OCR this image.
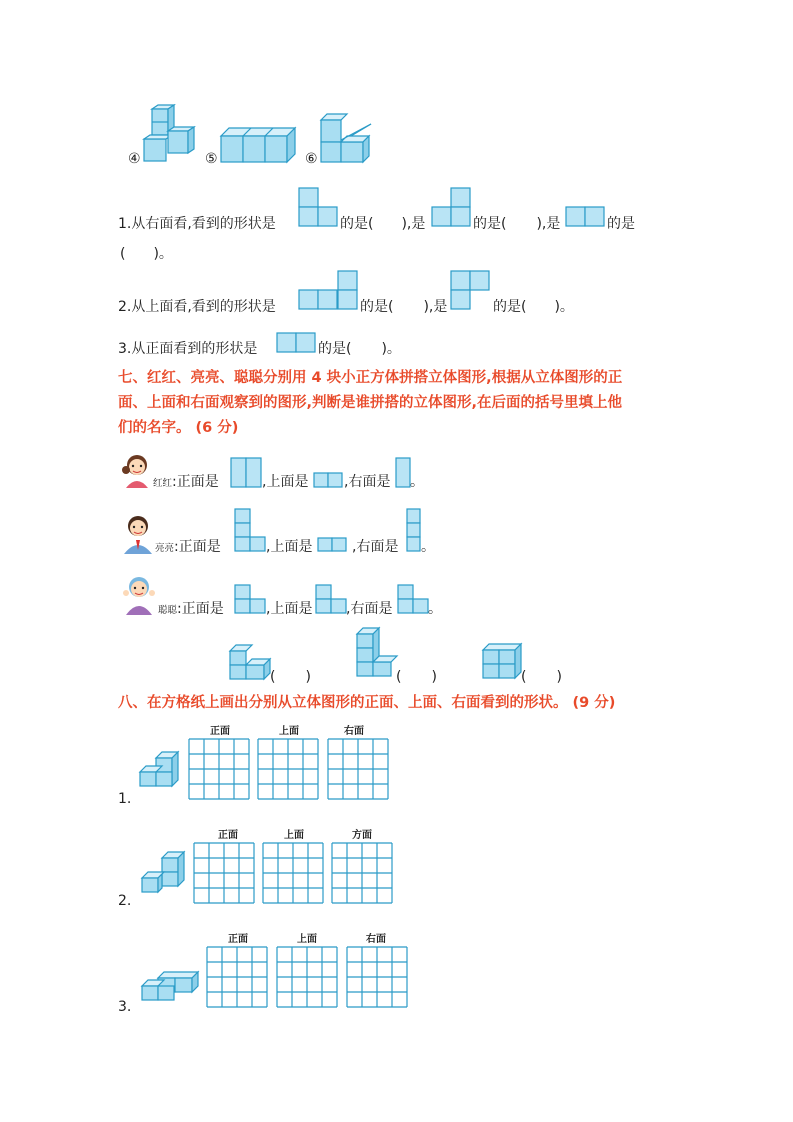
④	⑤	⑥
1.从右面看,看到的形状是	的是( ),是	的是( ),是	的是
( )。
2.从上面看,看到的形状是	的是( ),是	的是( )。
3.从正面看到的形状是	的是( )。
七、红红、亮亮、聪聪分别用 4 块小正方体拼搭立体图形,根据从立体图形的正
面、上面和右面观察到的图形,判断是谁拼搭的立体图形,在后面的括号里填上他
们的名字。 (6 分)
红红:正面是	,上面是	,右面是 。
亮亮:正面是	,上面是	,右面是 。
聪聪:正面是	,上面是 ,右面是	。
( )	( )	( )
八、在方格纸上画出分别从立体图形的正面、上面、右面看到的形状。 (9 分)
1.
正面	上面	右面
2.
正面	上面	方面
3.
正面	上面	右面
